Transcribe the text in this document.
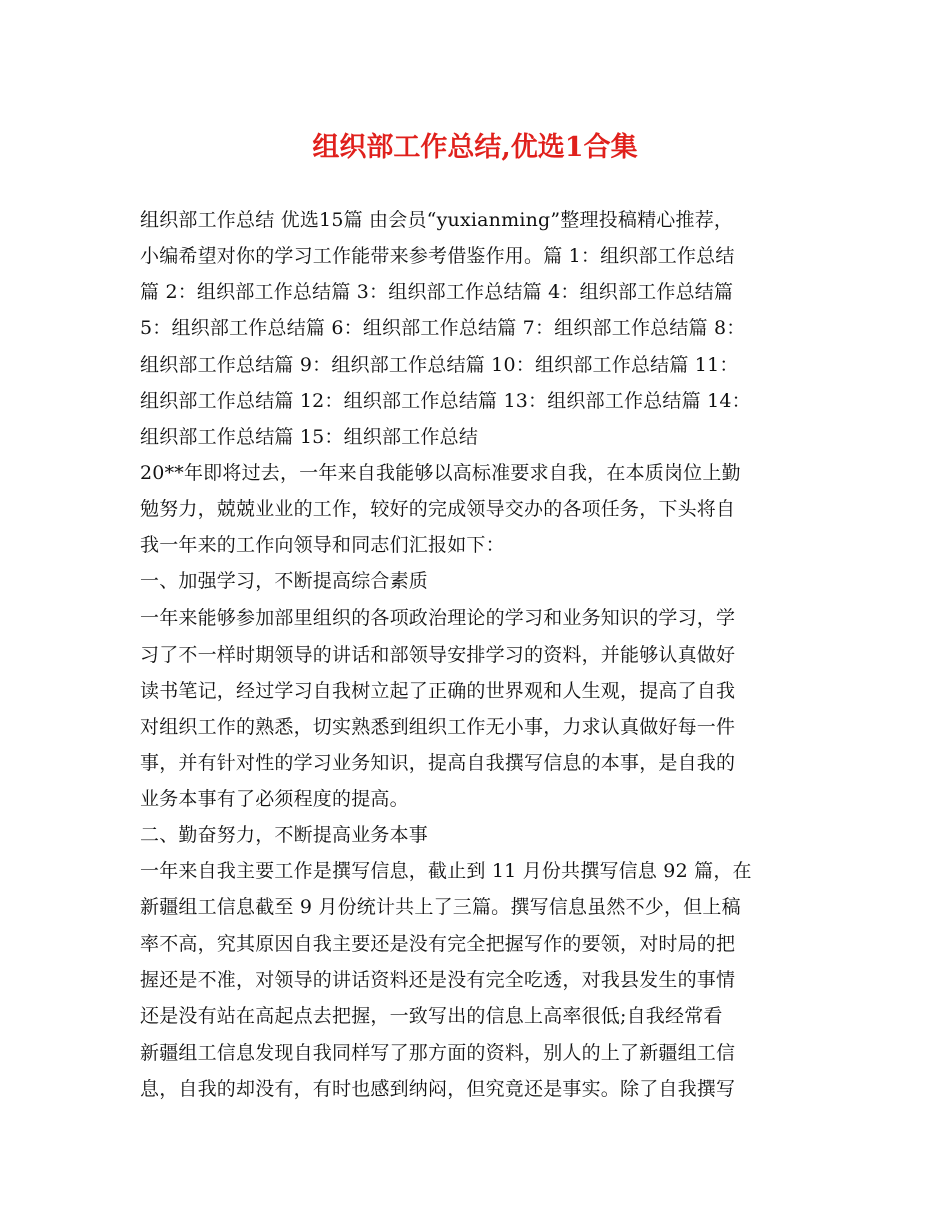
组织部工作总结,优选1合集
组织部工作总结 优选15篇 由会员“yuxianming”整理投稿精心推荐，
小编希望对你的学习工作能带来参考借鉴作用。篇 1：组织部工作总结
篇 2：组织部工作总结篇 3：组织部工作总结篇 4：组织部工作总结篇
5：组织部工作总结篇 6：组织部工作总结篇 7：组织部工作总结篇 8：
组织部工作总结篇 9：组织部工作总结篇 10：组织部工作总结篇 11：
组织部工作总结篇 12：组织部工作总结篇 13：组织部工作总结篇 14：
组织部工作总结篇 15：组织部工作总结
20**年即将过去，一年来自我能够以高标准要求自我，在本质岗位上勤
勉努力，兢兢业业的工作，较好的完成领导交办的各项任务，下头将自
我一年来的工作向领导和同志们汇报如下：
一、加强学习，不断提高综合素质
一年来能够参加部里组织的各项政治理论的学习和业务知识的学习，学
习了不一样时期领导的讲话和部领导安排学习的资料，并能够认真做好
读书笔记，经过学习自我树立起了正确的世界观和人生观，提高了自我
对组织工作的熟悉，切实熟悉到组织工作无小事，力求认真做好每一件
事，并有针对性的学习业务知识，提高自我撰写信息的本事，是自我的
业务本事有了必须程度的提高。
二、勤奋努力，不断提高业务本事
一年来自我主要工作是撰写信息，截止到 11 月份共撰写信息 92 篇，在
新疆组工信息截至 9 月份统计共上了三篇。撰写信息虽然不少，但上稿
率不高，究其原因自我主要还是没有完全把握写作的要领，对时局的把
握还是不准，对领导的讲话资料还是没有完全吃透，对我县发生的事情
还是没有站在高起点去把握，一致写出的信息上高率很低;自我经常看
新疆组工信息发现自我同样写了那方面的资料，别人的上了新疆组工信
息，自我的却没有，有时也感到纳闷，但究竟还是事实。除了自我撰写
